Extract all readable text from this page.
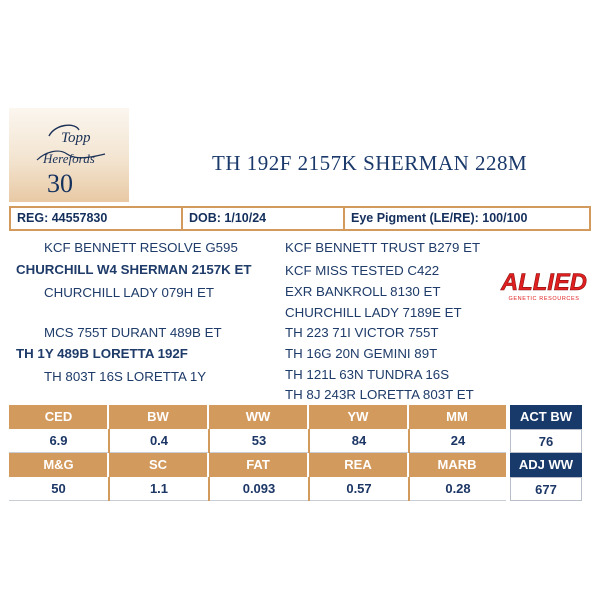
Topp
Herefords
30
TH 192F 2157K SHERMAN 228M
REG: 44557830	DOB: 1/10/24	Eye Pigment (LE/RE): 100/100
KCF BENNETT RESOLVE G595
CHURCHILL W4 SHERMAN 2157K ET
CHURCHILL LADY 079H ET
MCS 755T DURANT 489B ET
TH 1Y 489B LORETTA 192F
TH 803T 16S LORETTA 1Y
KCF BENNETT TRUST B279 ET
KCF MISS TESTED C422
EXR BANKROLL 8130 ET
CHURCHILL LADY 7189E ET
TH 223 71I VICTOR 755T
TH 16G 20N GEMINI 89T
TH 121L 63N TUNDRA 16S
TH 8J 243R LORETTA 803T ET
ALLIED
GENETIC RESOURCES
CED	BW	WW	YW	MM
6.9	0.4	53	84	24
M&G	SC	FAT	REA	MARB
50	1.1	0.093	0.57	0.28
ACT BW
76
ADJ WW
677
